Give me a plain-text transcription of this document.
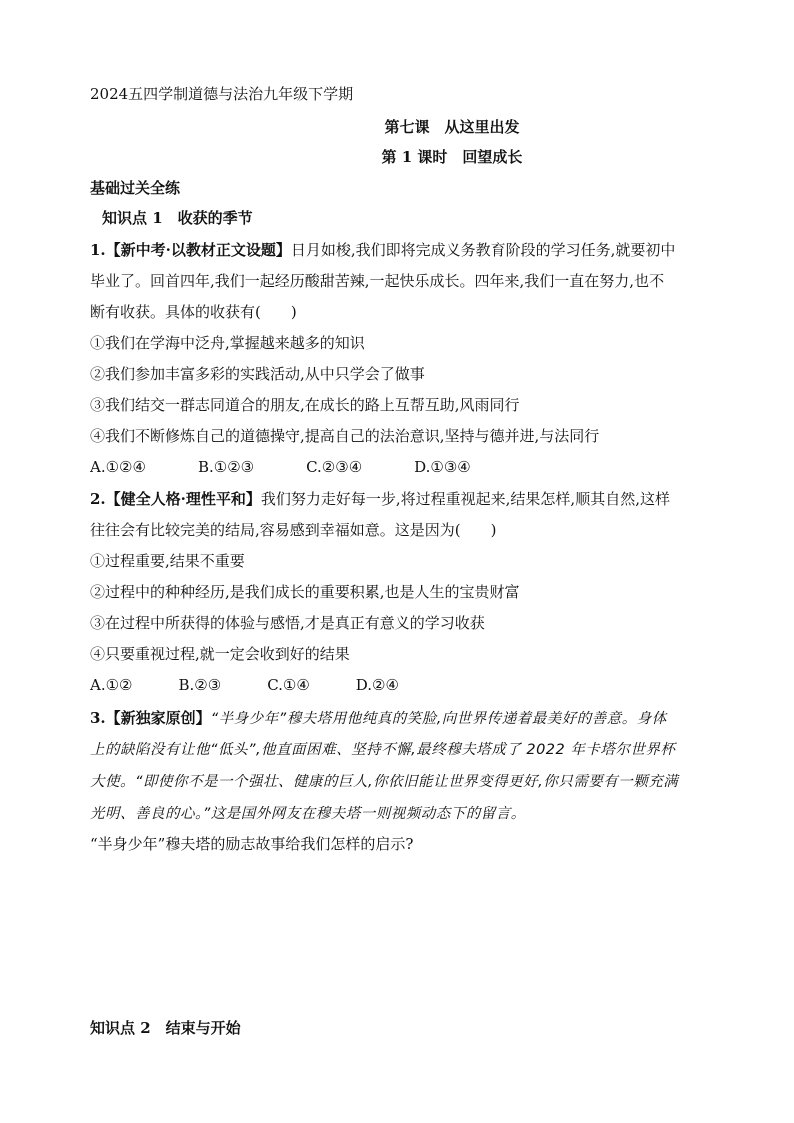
2024五四学制道德与法治九年级下学期
第七课　从这里出发
第 1 课时　回望成长
基础过关全练
知识点 1　收获的季节
1.【新中考·以教材正文设题】日月如梭,我们即将完成义务教育阶段的学习任务,就要初中
毕业了。回首四年,我们一起经历酸甜苦辣,一起快乐成长。四年来,我们一直在努力,也不
断有收获。具体的收获有(　　)
①我们在学海中泛舟,掌握越来越多的知识
②我们参加丰富多彩的实践活动,从中只学会了做事
③我们结交一群志同道合的朋友,在成长的路上互帮互助,风雨同行
④我们不断修炼自己的道德操守,提高自己的法治意识,坚持与德并进,与法同行
A.①②④	B.①②③	C.②③④	D.①③④
2.【健全人格·理性平和】我们努力走好每一步,将过程重视起来,结果怎样,顺其自然,这样
往往会有比较完美的结局,容易感到幸福如意。这是因为(　　)
①过程重要,结果不重要
②过程中的种种经历,是我们成长的重要积累,也是人生的宝贵财富
③在过程中所获得的体验与感悟,才是真正有意义的学习收获
④只要重视过程,就一定会收到好的结果
A.①②	B.②③	C.①④	D.②④
3.【新独家原创】“半身少年”穆夫塔用他纯真的笑脸,向世界传递着最美好的善意。身体
上的缺陷没有让他“低头”,他直面困难、坚持不懈,最终穆夫塔成了 2022 年卡塔尔世界杯
大使。“即使你不是一个强壮、健康的巨人,你依旧能让世界变得更好,你只需要有一颗充满
光明、善良的心。”这是国外网友在穆夫塔一则视频动态下的留言。
“半身少年”穆夫塔的励志故事给我们怎样的启示?
知识点 2　结束与开始
